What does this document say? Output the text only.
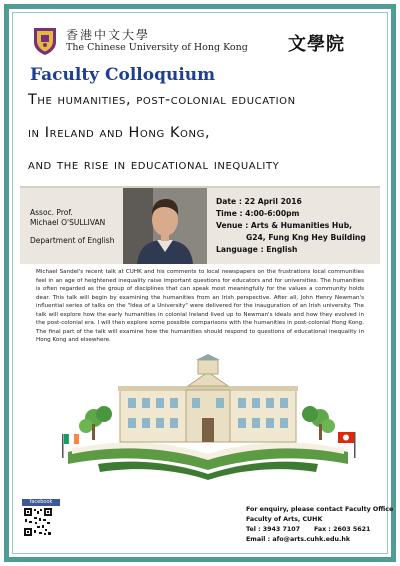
香港中文大學
The Chinese University of Hong Kong 文學院
Faculty Colloquium
The humanities, post-colonial education
in Ireland and Hong Kong,
and the rise in educational inequality
Assoc. Prof.
Michael O'SULLIVAN
Department of English
Date : 22 April 2016
Time : 4:00-6:00pm
Venue : Arts & Humanities Hub,
G24, Fung Kng Hey Building
Language : English
Michael Sandel's recent talk at CUHK and his comments to local newspapers on the frustrations local communities feel in an age of heightened inequality raise important questions for educators and for universities. The humanities is often regarded as the group of disciplines that can speak most meaningfully for the values a community holds dear. This talk will begin by examining the humanities from an Irish perspective. After all, John Henry Newman's influential series of talks on the "Idea of a University" were delivered for the inauguration of an Irish university. The talk will explore how the early humanities in colonial Ireland lived up to Newman's ideals and how they evolved in the post-colonial era. I will then explore some possible comparisons with the humanities in post-colonial Hong Kong. The final part of the talk will examine how the humanities should respond to questions of educational inequality in Hong Kong and elsewhere.
facebook
For enquiry, please contact Faculty Office
Faculty of Arts, CUHK
Tel : 3943 7107 Fax : 2603 5621
Email : afo@arts.cuhk.edu.hk
